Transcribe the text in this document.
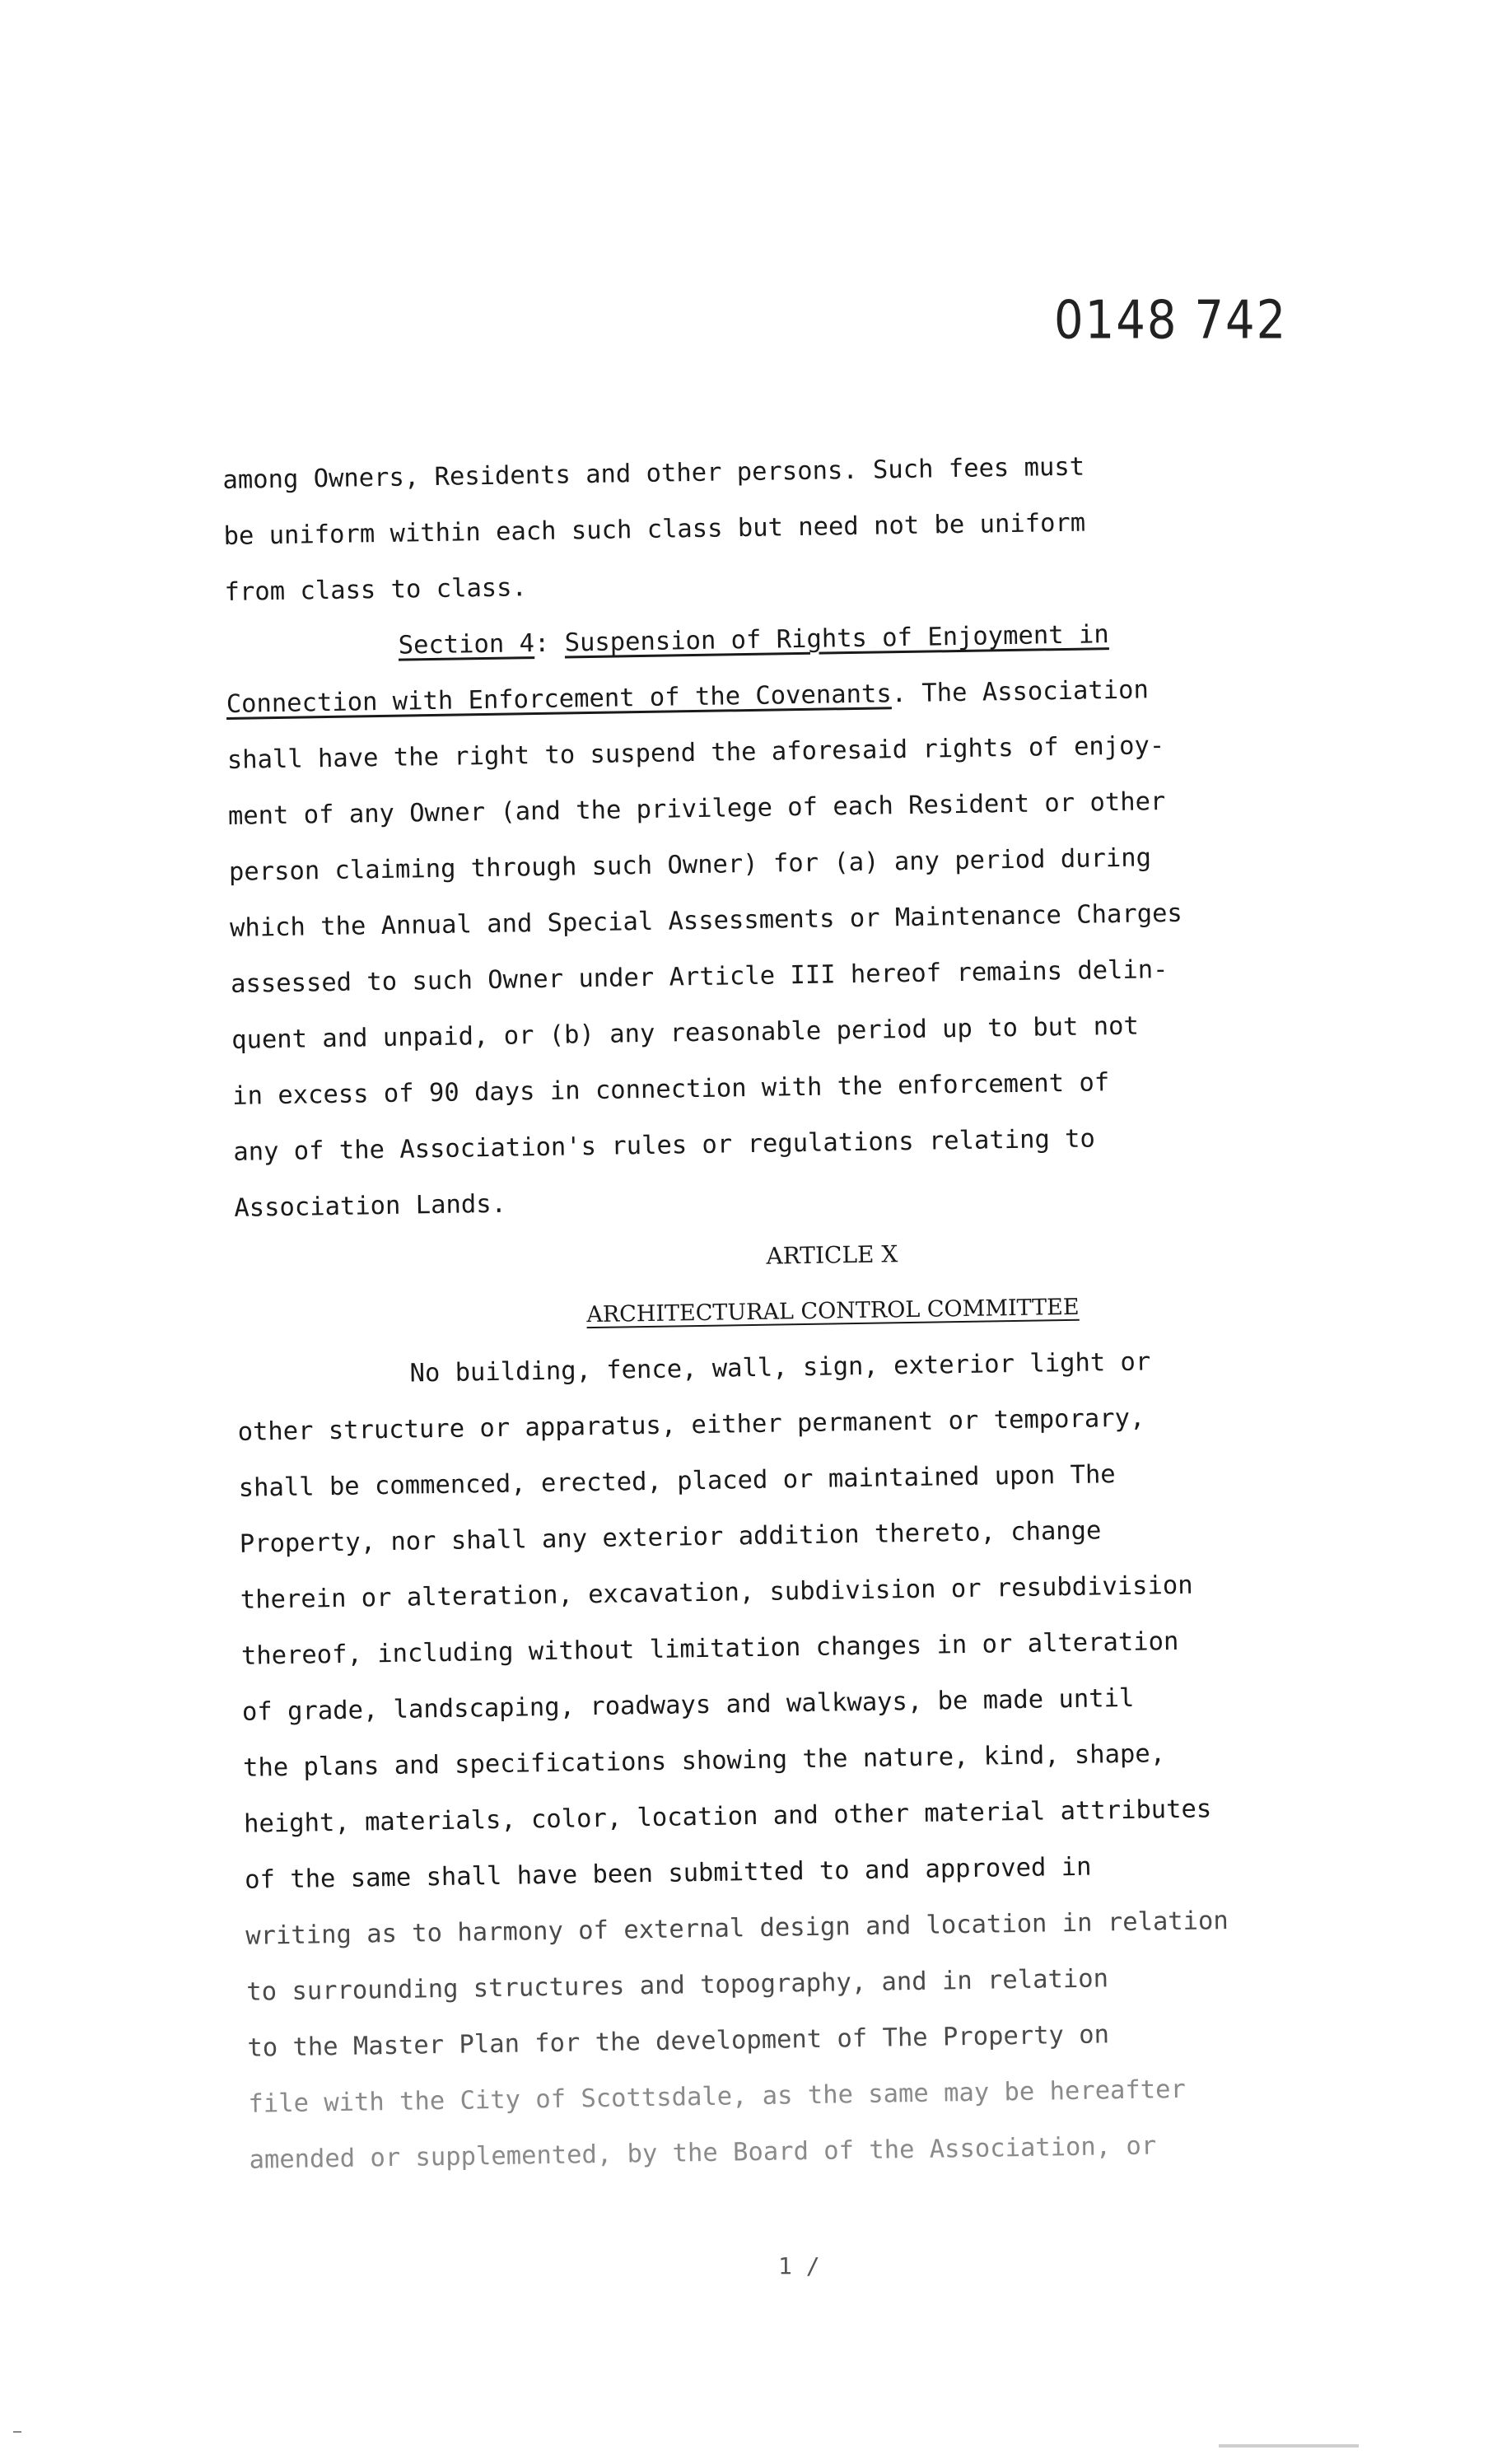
0148 742
among Owners, Residents and other persons. Such fees must
be uniform within each such class but need not be uniform
from class to class.
Section 4: Suspension of Rights of Enjoyment in
Connection with Enforcement of the Covenants. The Association
shall have the right to suspend the aforesaid rights of enjoy-
ment of any Owner (and the privilege of each Resident or other
person claiming through such Owner) for (a) any period during
which the Annual and Special Assessments or Maintenance Charges
assessed to such Owner under Article III hereof remains delin-
quent and unpaid, or (b) any reasonable period up to but not
in excess of 90 days in connection with the enforcement of
any of the Association's rules or regulations relating to
Association Lands.
ARTICLE X
ARCHITECTURAL CONTROL COMMITTEE
No building, fence, wall, sign, exterior light or
other structure or apparatus, either permanent or temporary,
shall be commenced, erected, placed or maintained upon The
Property, nor shall any exterior addition thereto, change
therein or alteration, excavation, subdivision or resubdivision
thereof, including without limitation changes in or alteration
of grade, landscaping, roadways and walkways, be made until
the plans and specifications showing the nature, kind, shape,
height, materials, color, location and other material attributes
of the same shall have been submitted to and approved in
writing as to harmony of external design and location in relation
to surrounding structures and topography, and in relation
to the Master Plan for the development of The Property on
file with the City of Scottsdale, as the same may be hereafter
amended or supplemented, by the Board of the Association, or
1 /
